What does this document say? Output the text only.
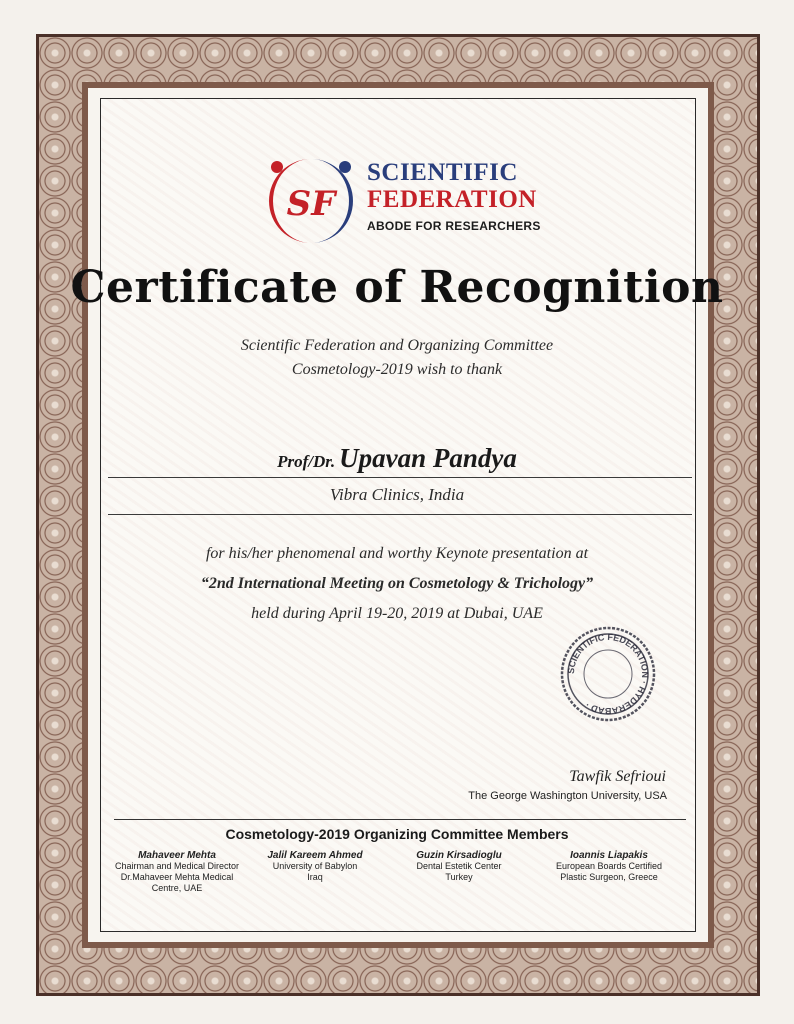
SF
SCIENTIFIC
FEDERATION
ABODE FOR RESEARCHERS
Certificate of Recognition
Scientific Federation and Organizing Committee
Cosmetology-2019 wish to thank
Prof/Dr. Upavan Pandya
Vibra Clinics, India
for his/her phenomenal and worthy Keynote presentation at
“2nd International Meeting on Cosmetology & Trichology”
held during April 19-20, 2019 at Dubai, UAE
SCIENTIFIC FEDERATION · HYDERABAD ·
Tawfik Sefrioui
The George Washington University, USA
Cosmetology-2019 Organizing Committee Members
Mahaveer Mehta
Chairman and Medical Director
Dr.Mahaveer Mehta Medical
Centre, UAE
Jalil Kareem Ahmed
University of Babylon
Iraq
Guzin Kirsadioglu
Dental Estetik Center
Turkey
Ioannis Liapakis
European Boards Certified
Plastic Surgeon, Greece
